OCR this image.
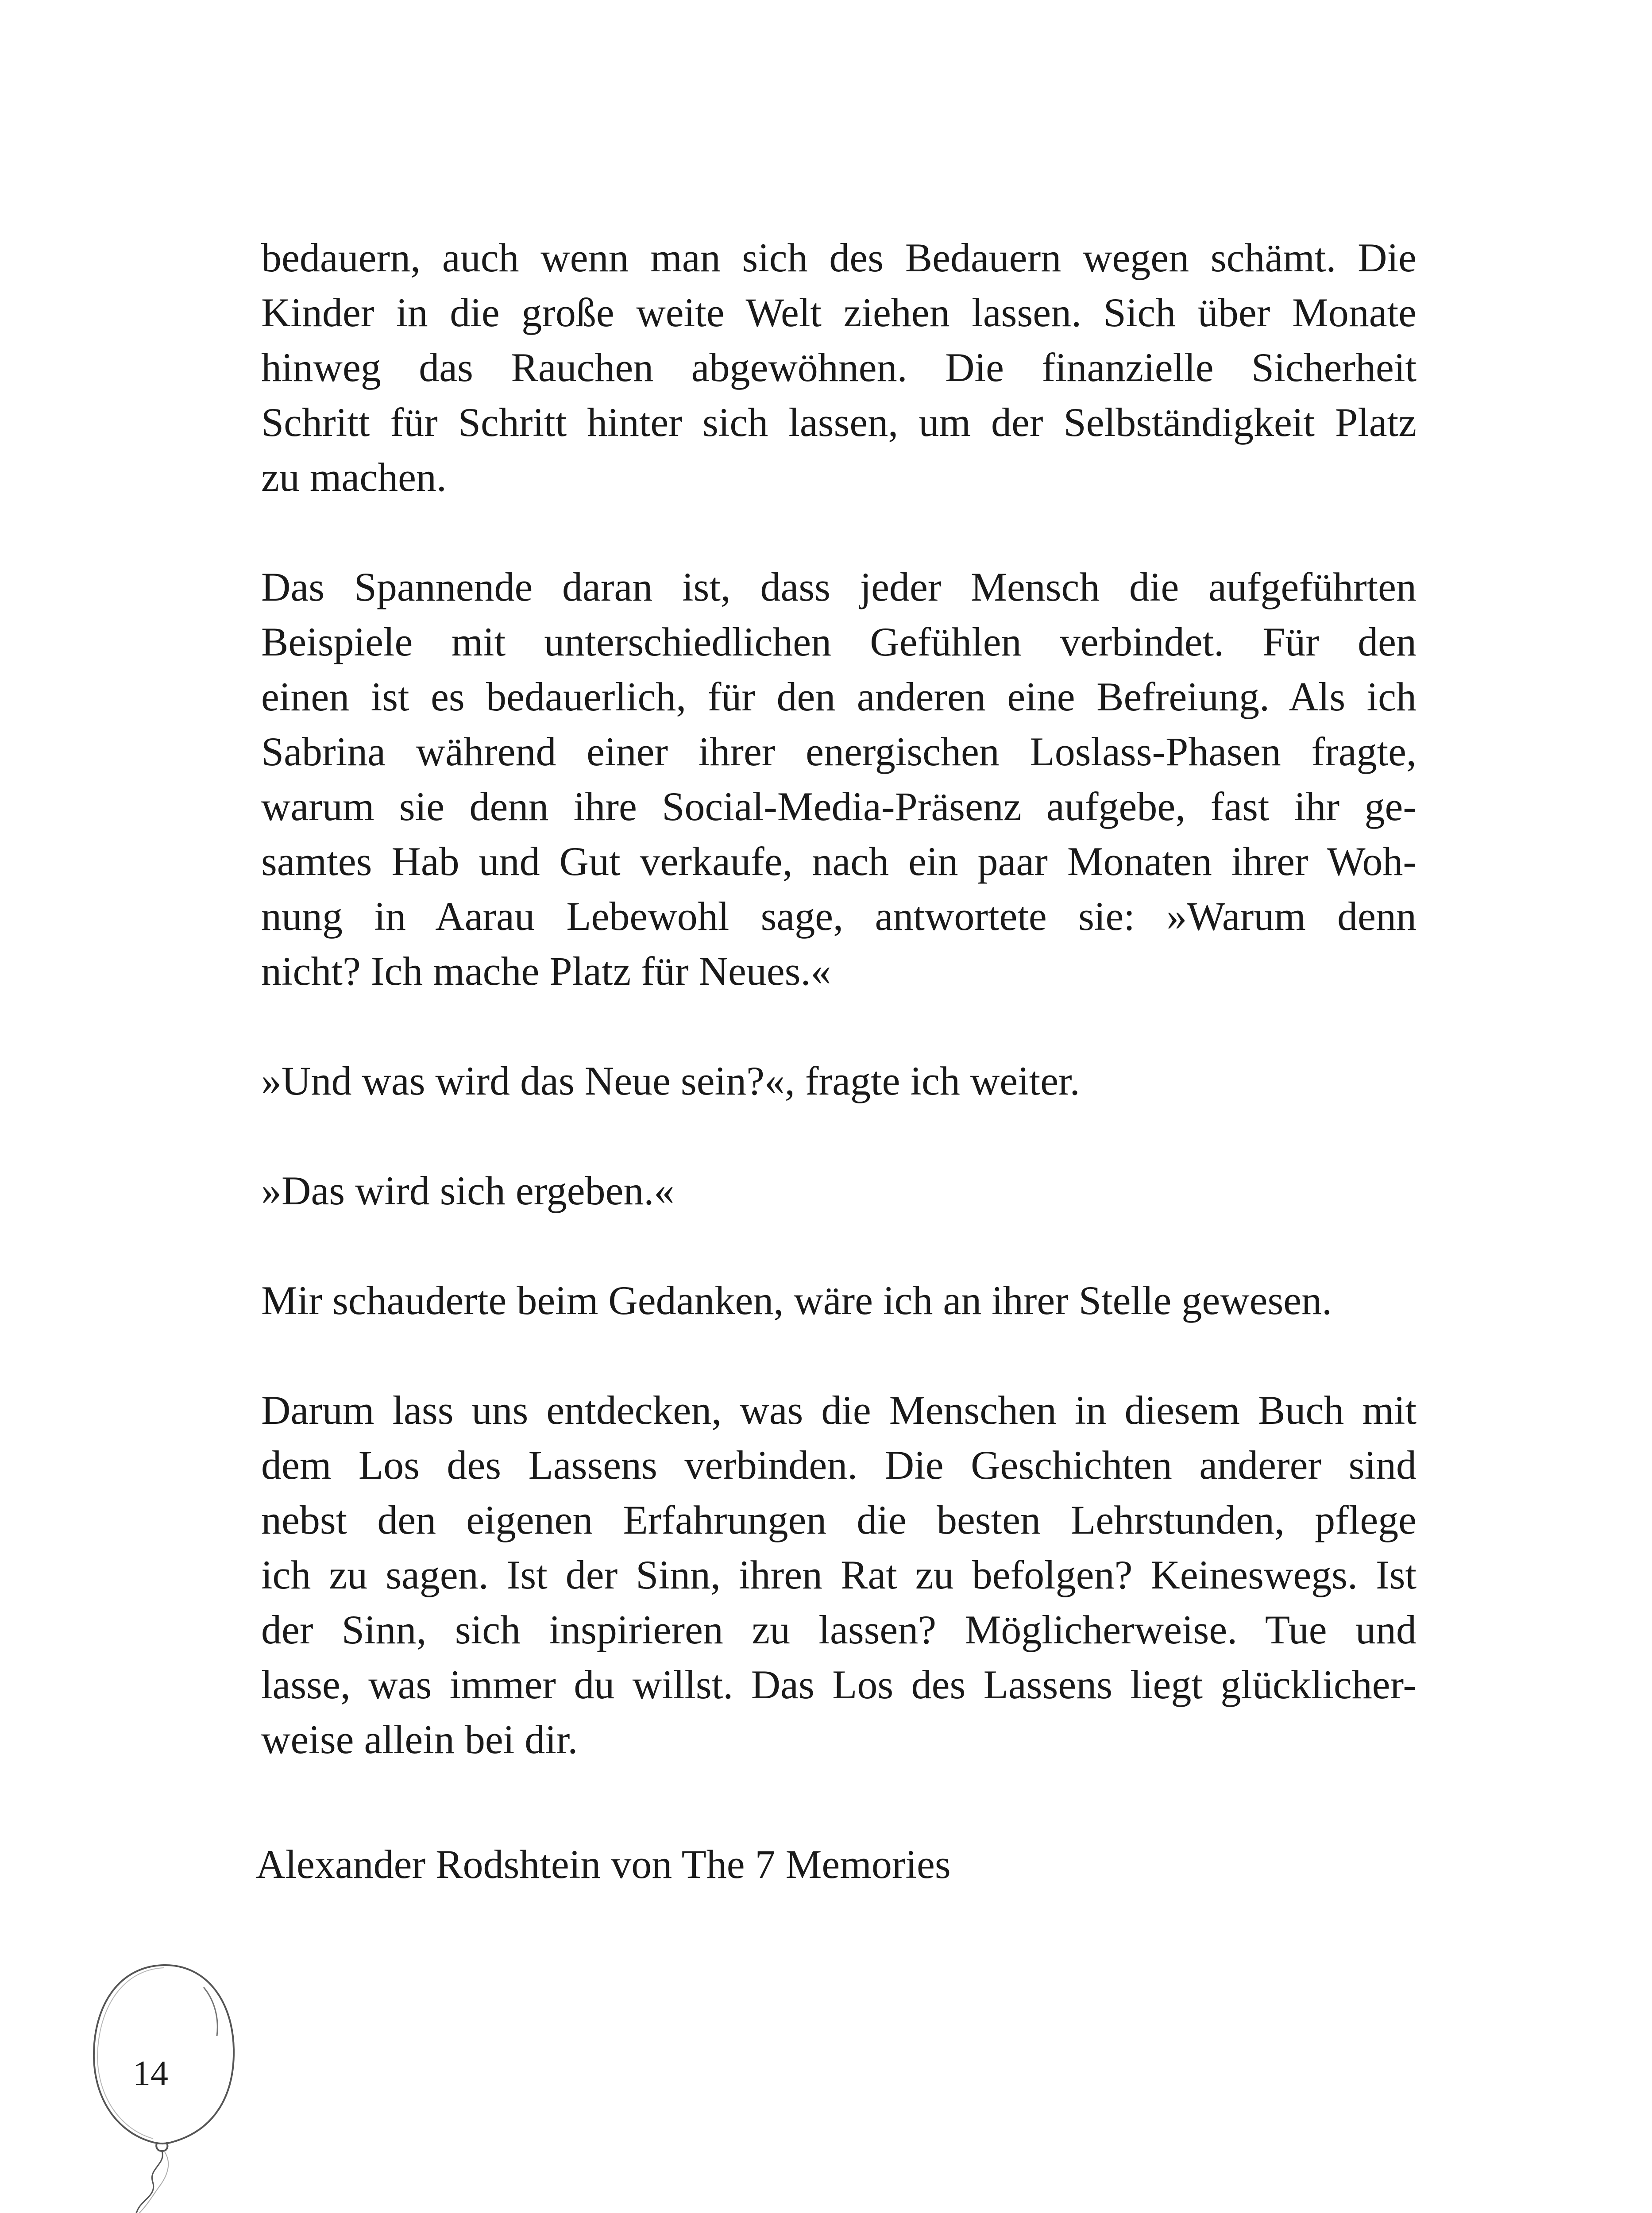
bedauern, auch wenn man sich des Bedauern wegen schämt. Die
Kinder in die große weite Welt ziehen lassen. Sich über Monate
hinweg das Rauchen abgewöhnen. Die finanzielle Sicherheit
Schritt für Schritt hinter sich lassen, um der Selbständigkeit Platz
zu machen.

Das Spannende daran ist, dass jeder Mensch die aufgeführten
Beispiele mit unterschiedlichen Gefühlen verbindet. Für den
einen ist es bedauerlich, für den anderen eine Befreiung. Als ich
Sabrina während einer ihrer energischen Loslass-Phasen fragte,
warum sie denn ihre Social-Media-Präsenz aufgebe, fast ihr ge-
samtes Hab und Gut verkaufe, nach ein paar Monaten ihrer Woh-
nung in Aarau Lebewohl sage, antwortete sie: »Warum denn
nicht? Ich mache Platz für Neues.«

»Und was wird das Neue sein?«, fragte ich weiter.

»Das wird sich ergeben.«

Mir schauderte beim Gedanken, wäre ich an ihrer Stelle gewesen.

Darum lass uns entdecken, was die Menschen in diesem Buch mit
dem Los des Lassens verbinden. Die Geschichten anderer sind
nebst den eigenen Erfahrungen die besten Lehrstunden, pflege
ich zu sagen. Ist der Sinn, ihren Rat zu befolgen? Keineswegs. Ist
der Sinn, sich inspirieren zu lassen? Möglicherweise. Tue und
lasse, was immer du willst. Das Los des Lassens liegt glücklicher-
weise allein bei dir.

Alexander Rodshtein von The 7 Memories
14
